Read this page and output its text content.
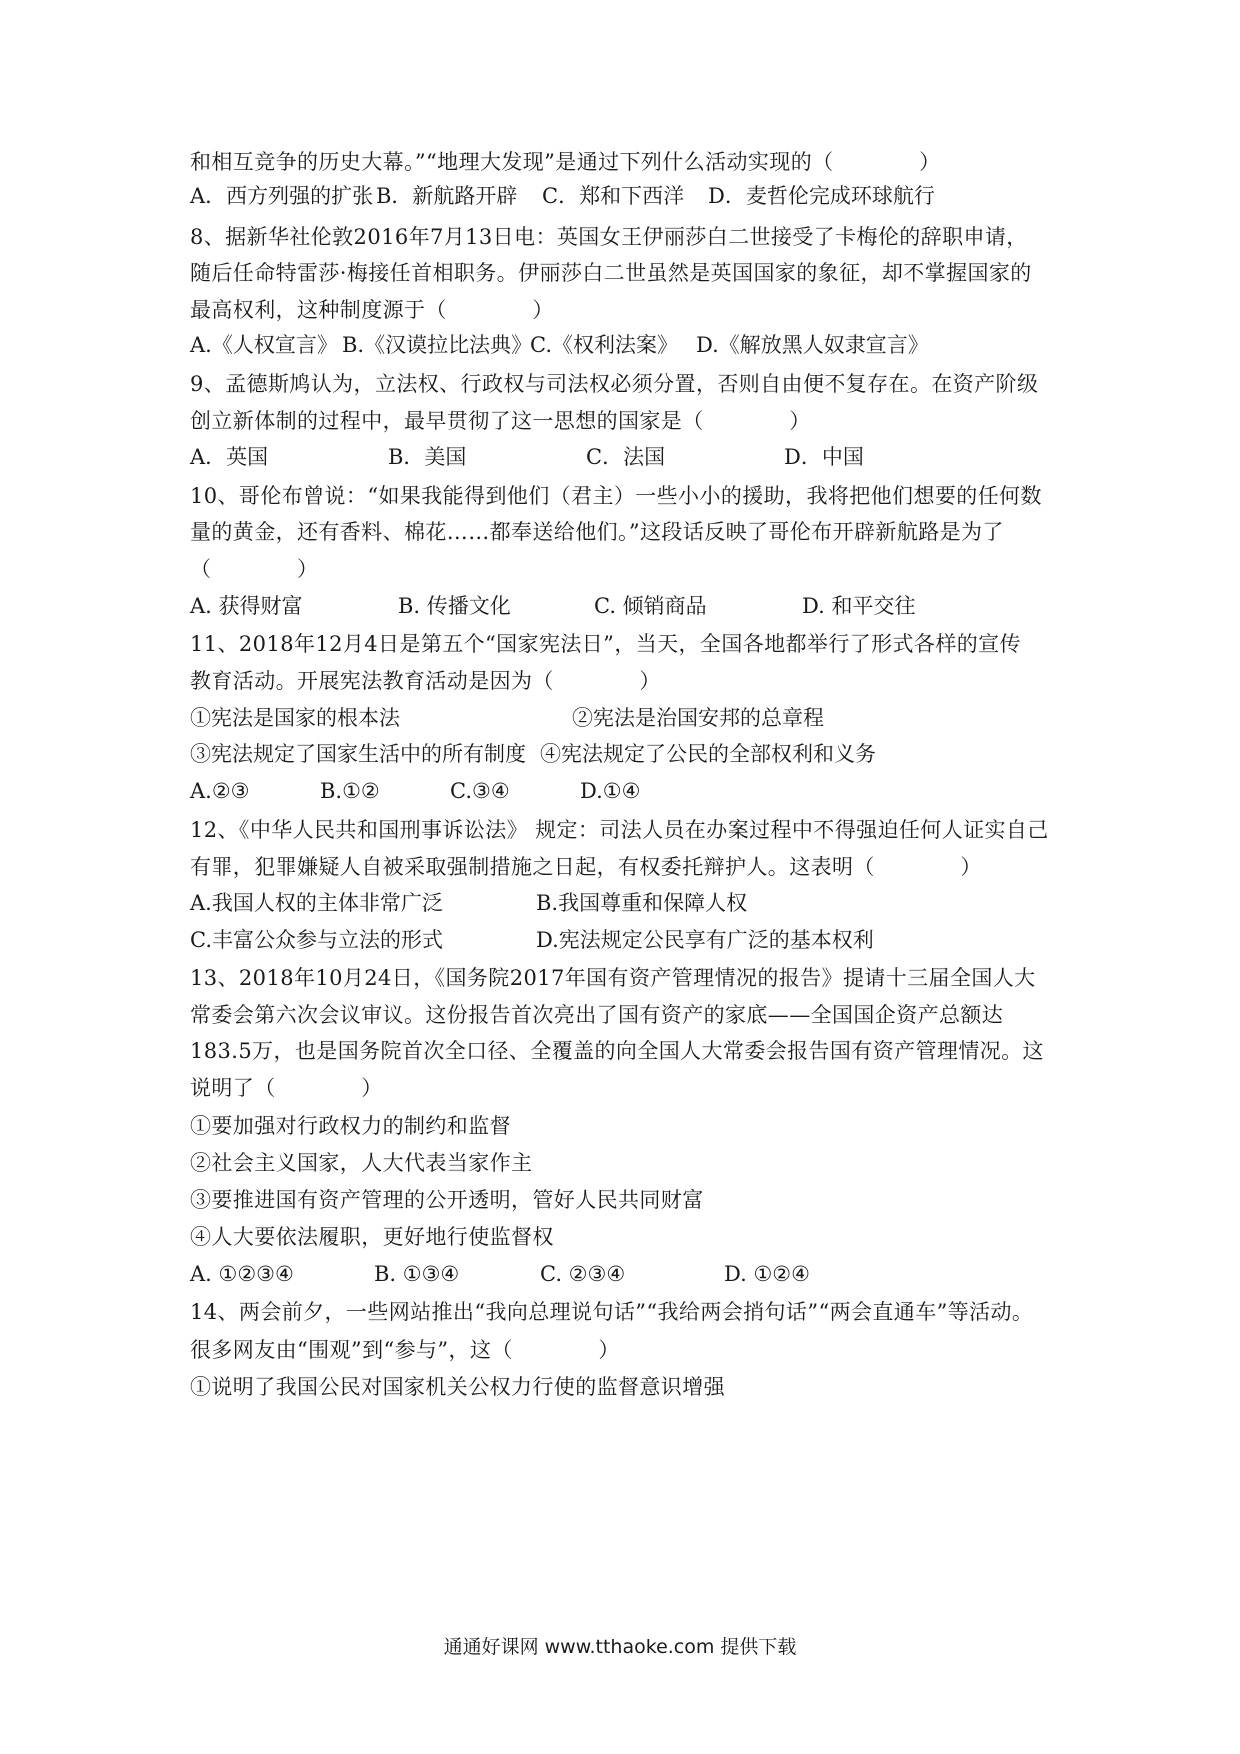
和相互竞争的历史大幕。”“地理大发现”是通过下列什么活动实现的（　　　　）
A．西方列强的扩张 B．新航路开辟 C．郑和下西洋 D．麦哲伦完成环球航行
8、据新华社伦敦2016年7月13日电：英国女王伊丽莎白二世接受了卡梅伦的辞职申请，
随后任命特雷莎·梅接任首相职务。伊丽莎白二世虽然是英国国家的象征，却不掌握国家的
最高权利，这种制度源于（　　　　）
A.《人权宣言》 B.《汉谟拉比法典》
C.《权利法案》 D.《解放黑人奴隶宣言》
9、孟德斯鸠认为，立法权、行政权与司法权必须分置，否则自由便不复存在。在资产阶级
创立新体制的过程中，最早贯彻了这一思想的国家是（　　　　）
A．英国	B．美国	C．法国	D．中国
10、哥伦布曾说：“如果我能得到他们（君主）一些小小的援助，我将把他们想要的任何数
量的黄金，还有香料、棉花……都奉送给他们。”这段话反映了哥伦布开辟新航路是为了
（　　　　）
A. 获得财富	B. 传播文化	C. 倾销商品	D. 和平交往
11、2018年12月4日是第五个“国家宪法日”，当天，全国各地都举行了形式各样的宣传
教育活动。开展宪法教育活动是因为（　　　　）
①宪法是国家的根本法	②宪法是治国安邦的总章程
③宪法规定了国家生活中的所有制度 ④宪法规定了公民的全部权利和义务
A.②③	B.①②	C.③④	D.①④
12、《中华人民共和国刑事诉讼法》 规定：司法人员在办案过程中不得强迫任何人证实自己
有罪，犯罪嫌疑人自被采取强制措施之日起，有权委托辩护人。这表明（　　　　）
A.我国人权的主体非常广泛	B.我国尊重和保障人权
C.丰富公众参与立法的形式	D.宪法规定公民享有广泛的基本权利
13、2018年10月24日，《国务院2017年国有资产管理情况的报告》提请十三届全国人大
常委会第六次会议审议。这份报告首次亮出了国有资产的家底——全国国企资产总额达
183.5万，也是国务院首次全口径、全覆盖的向全国人大常委会报告国有资产管理情况。这
说明了（　　　　）
①要加强对行政权力的制约和监督
②社会主义国家，人大代表当家作主
③要推进国有资产管理的公开透明，管好人民共同财富
④人大要依法履职，更好地行使监督权
A. ①②③④	B. ①③④	C. ②③④	D. ①②④
14、两会前夕，一些网站推出“我向总理说句话”“我给两会捎句话”“两会直通车”等活动。
很多网友由“围观”到“参与”，这（　　　　）
①说明了我国公民对国家机关公权力行使的监督意识增强
通通好课网 www.tthaoke.com 提供下载
